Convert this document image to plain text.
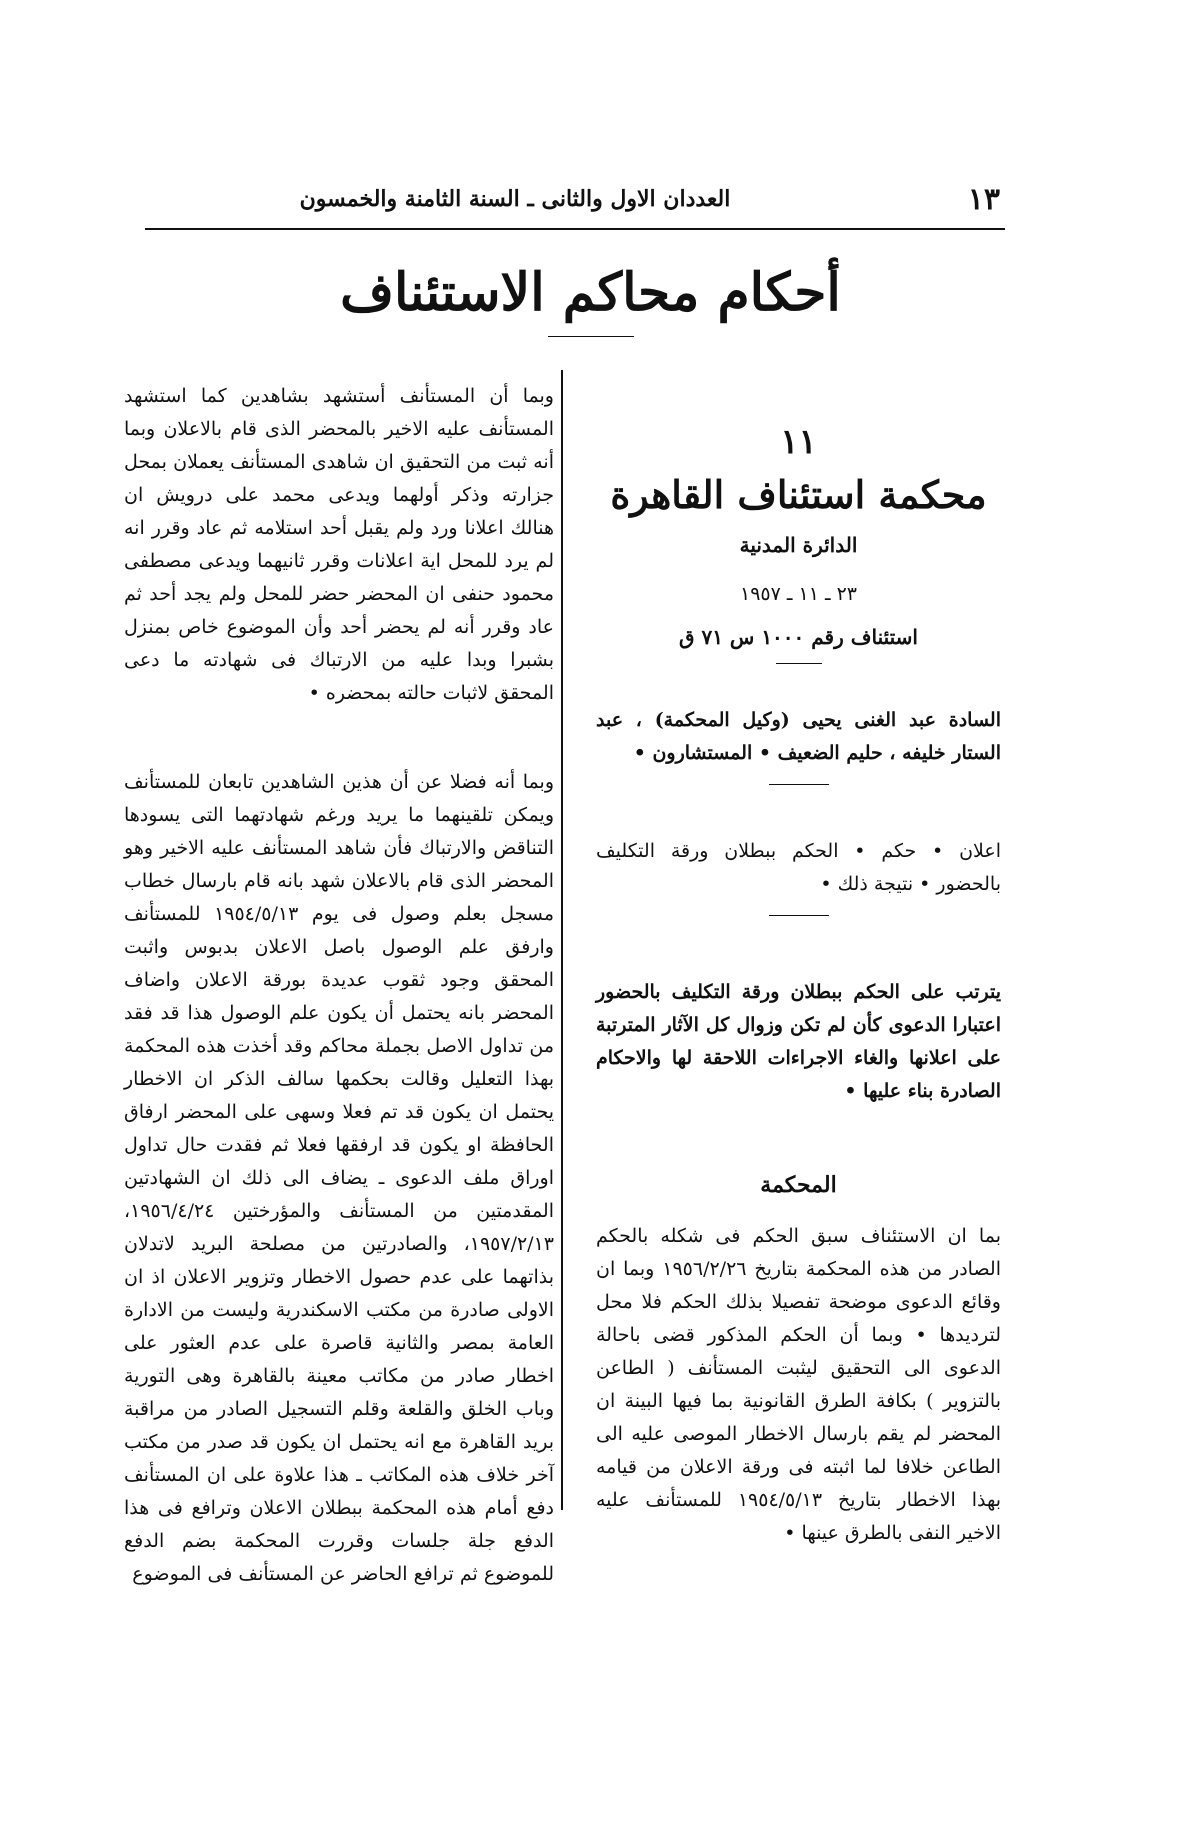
١٣
العددان الاول والثانى ـ السنة الثامنة والخمسون
أحكام محاكم الاستئناف
١١
محكمة استئناف القاهرة
الدائرة المدنية
٢٣ ـ ١١ ـ ١٩٥٧
استئناف رقم ١٠٠٠ س ٧١ ق

السادة عبد الغنى يحيى (وكيل المحكمة) ، عبد الستار خليفه ، حليم الضعيف • المستشارون •

اعلان • حكم • الحكم ببطلان ورقة التكليف بالحضور • نتيجة ذلك •

يترتب على الحكم ببطلان ورقة التكليف بالحضور اعتبارا الدعوى كأن لم تكن وزوال كل الآثار المترتبة على اعلانها والغاء الاجراءات اللاحقة لها والاحكام الصادرة بناء عليها •

المحكمة

بما ان الاستئناف سبق الحكم فى شكله بالحكم الصادر من هذه المحكمة بتاريخ ١٩٥٦/٢/٢٦ وبما ان وقائع الدعوى موضحة تفصيلا بذلك الحكم فلا محل لترديدها • وبما أن الحكم المذكور قضى باحالة الدعوى الى التحقيق ليثبت المستأنف ( الطاعن بالتزوير ) بكافة الطرق القانونية بما فيها البينة ان المحضر لم يقم بارسال الاخطار الموصى عليه الى الطاعن خلافا لما اثبته فى ورقة الاعلان من قيامه بهذا الاخطار بتاريخ ١٩٥٤/٥/١٣ للمستأنف عليه الاخير النفى بالطرق عينها •

وبما أن المستأنف أستشهد بشاهدين كما استشهد المستأنف عليه الاخير بالمحضر الذى قام بالاعلان وبما أنه ثبت من التحقيق ان شاهدى المستأنف يعملان بمحل جزارته وذكر أولهما ويدعى محمد على درويش ان هنالك اعلانا ورد ولم يقبل أحد استلامه ثم عاد وقرر انه لم يرد للمحل اية اعلانات وقرر ثانيهما ويدعى مصطفى محمود حنفى ان المحضر حضر للمحل ولم يجد أحد ثم عاد وقرر أنه لم يحضر أحد وأن الموضوع خاص بمنزل بشبرا وبدا عليه من الارتباك فى شهادته ما دعى المحقق لاثبات حالته بمحضره •

وبما أنه فضلا عن أن هذين الشاهدين تابعان للمستأنف ويمكن تلقينهما ما يريد ورغم شهادتهما التى يسودها التناقض والارتباك فأن شاهد المستأنف عليه الاخير وهو المحضر الذى قام بالاعلان شهد بانه قام بارسال خطاب مسجل بعلم وصول فى يوم ١٩٥٤/٥/١٣ للمستأنف وارفق علم الوصول باصل الاعلان بدبوس واثبت المحقق وجود ثقوب عديدة بورقة الاعلان واضاف المحضر بانه يحتمل أن يكون علم الوصول هذا قد فقد من تداول الاصل بجملة محاكم وقد أخذت هذه المحكمة بهذا التعليل وقالت بحكمها سالف الذكر ان الاخطار يحتمل ان يكون قد تم فعلا وسهى على المحضر ارفاق الحافظة او يكون قد ارفقها فعلا ثم فقدت حال تداول اوراق ملف الدعوى ـ يضاف الى ذلك ان الشهادتين المقدمتين من المستأنف والمؤرختين ١٩٥٦/٤/٢٤، ١٩٥٧/٢/١٣، والصادرتين من مصلحة البريد لاتدلان بذاتهما على عدم حصول الاخطار وتزوير الاعلان اذ ان الاولى صادرة من مكتب الاسكندرية وليست من الادارة العامة بمصر والثانية قاصرة على عدم العثور على اخطار صادر من مكاتب معينة بالقاهرة وهى التورية وباب الخلق والقلعة وقلم التسجيل الصادر من مراقبة بريد القاهرة مع انه يحتمل ان يكون قد صدر من مكتب آخر خلاف هذه المكاتب ـ هذا علاوة على ان المستأنف دفع أمام هذه المحكمة ببطلان الاعلان وترافع فى هذا الدفع جلة جلسات وقررت المحكمة بضم الدفع للموضوع ثم ترافع الحاضر عن المستأنف فى الموضوع
